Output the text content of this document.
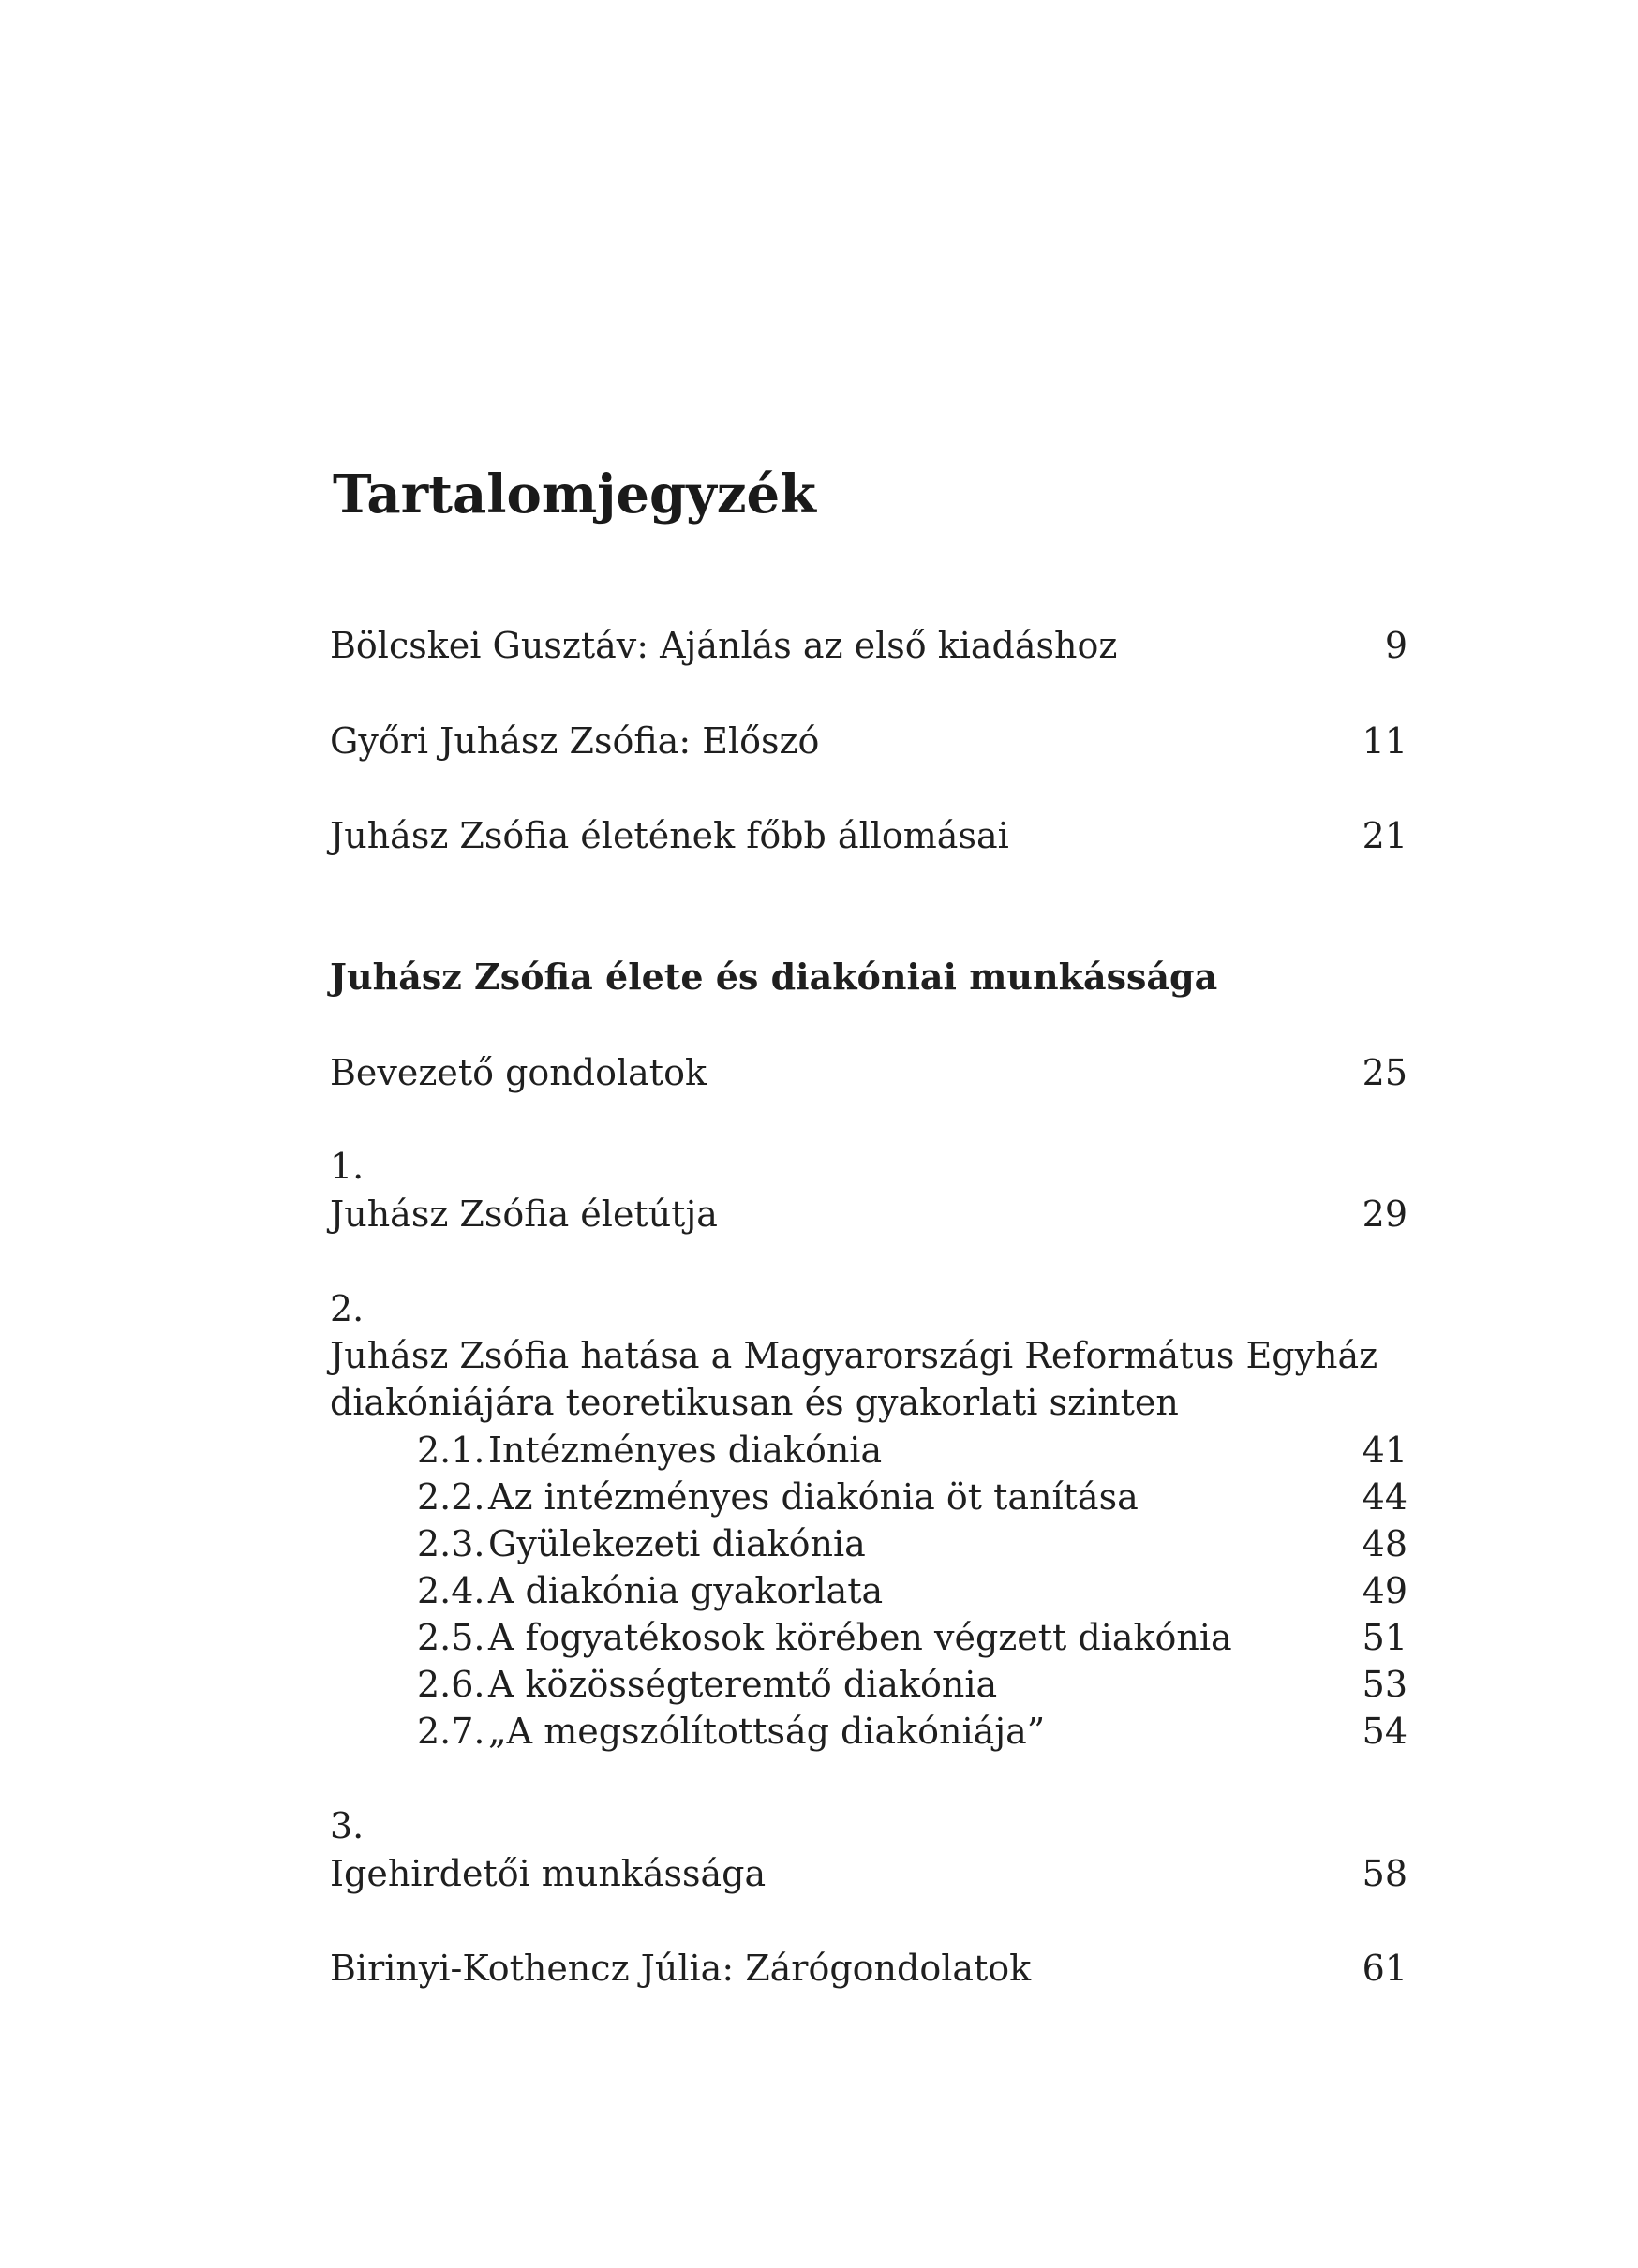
Tartalomjegyzék
Bölcskei Gusztáv: Ajánlás az első kiadáshoz	9
Győri Juhász Zsófia: Előszó	11
Juhász Zsófia életének főbb állomásai	21
Juhász Zsófia élete és diakóniai munkássága
Bevezető gondolatok	25
1.
Juhász Zsófia életútja	29
2.
Juhász Zsófia hatása a Magyarországi Református Egyház
diakóniájára teoretikusan és gyakorlati szinten
2.1. Intézményes diakónia	41
2.2. Az intézményes diakónia öt tanítása	44
2.3. Gyülekezeti diakónia	48
2.4. A diakónia gyakorlata	49
2.5. A fogyatékosok körében végzett diakónia	51
2.6. A közösségteremtő diakónia	53
2.7. „A megszólítottság diakóniája”	54
3.
Igehirdetői munkássága	58
Birinyi-Kothencz Júlia: Zárógondolatok	61
